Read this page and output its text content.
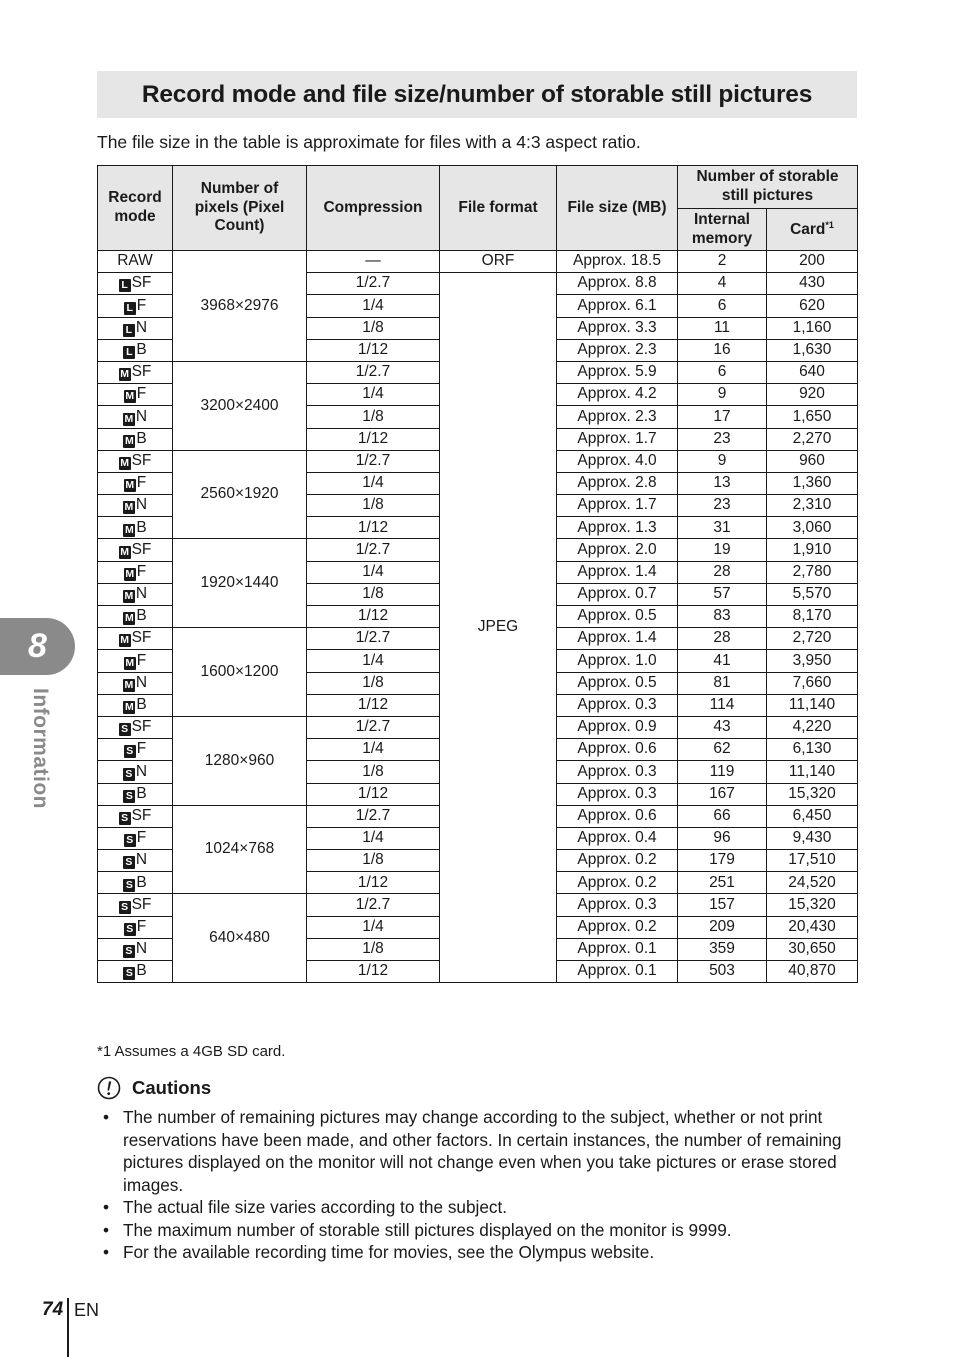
Record mode and file size/number of storable still pictures
The file size in the table is approximate for files with a 4:3 aspect ratio.
Record mode	Number of pixels (Pixel Count)	Compression	File format	File size (MB)	Number of storable still pictures	
					Internal memory	Card$^{*1}$
RAW	3968×2976	—	ORF	Approx. 18.5	2	200
L SF		1/2.7	JPEG	Approx. 8.8	4	430
L F		1/4		Approx. 6.1	6	620
L N		1/8		Approx. 3.3	11	1,160
L B		1/12		Approx. 2.3	16	1,630
M SF	3200×2400	1/2.7		Approx. 5.9	6	640
M F		1/4		Approx. 4.2	9	920
M N		1/8		Approx. 2.3	17	1,650
M B		1/12		Approx. 1.7	23	2,270
M SF	2560×1920	1/2.7		Approx. 4.0	9	960
M F		1/4		Approx. 2.8	13	1,360
M N		1/8		Approx. 1.7	23	2,310
M B		1/12		Approx. 1.3	31	3,060
M SF	1920×1440	1/2.7		Approx. 2.0	19	1,910
M F		1/4		Approx. 1.4	28	2,780
M N		1/8		Approx. 0.7	57	5,570
M B		1/12		Approx. 0.5	83	8,170
M SF	1600×1200	1/2.7		Approx. 1.4	28	2,720
M F		1/4		Approx. 1.0	41	3,950
M N		1/8		Approx. 0.5	81	7,660
M B		1/12		Approx. 0.3	114	11,140
S SF	1280×960	1/2.7		Approx. 0.9	43	4,220
S F		1/4		Approx. 0.6	62	6,130
S N		1/8		Approx. 0.3	119	11,140
S B		1/12		Approx. 0.3	167	15,320
S SF	1024×768	1/2.7		Approx. 0.6	66	6,450
S F		1/4		Approx. 0.4	96	9,430
S N		1/8		Approx. 0.2	179	17,510
S B		1/12		Approx. 0.2	251	24,520
S SF	640×480	1/2.7		Approx. 0.3	157	15,320
S F		1/4		Approx. 0.2	209	20,430
S N		1/8		Approx. 0.1	359	30,650
S B		1/12		Approx. 0.1	503	40,870
*1 Assumes a 4GB SD card.
Cautions
• The number of remaining pictures may change according to the subject, whether or not print reservations have been made, and other factors. In certain instances, the number of remaining pictures displayed on the monitor will not change even when you take pictures or erase stored images.
• The actual file size varies according to the subject.
• The maximum number of storable still pictures displayed on the monitor is 9999.
• For the available recording time for movies, see the Olympus website.
8
Information
74 EN
